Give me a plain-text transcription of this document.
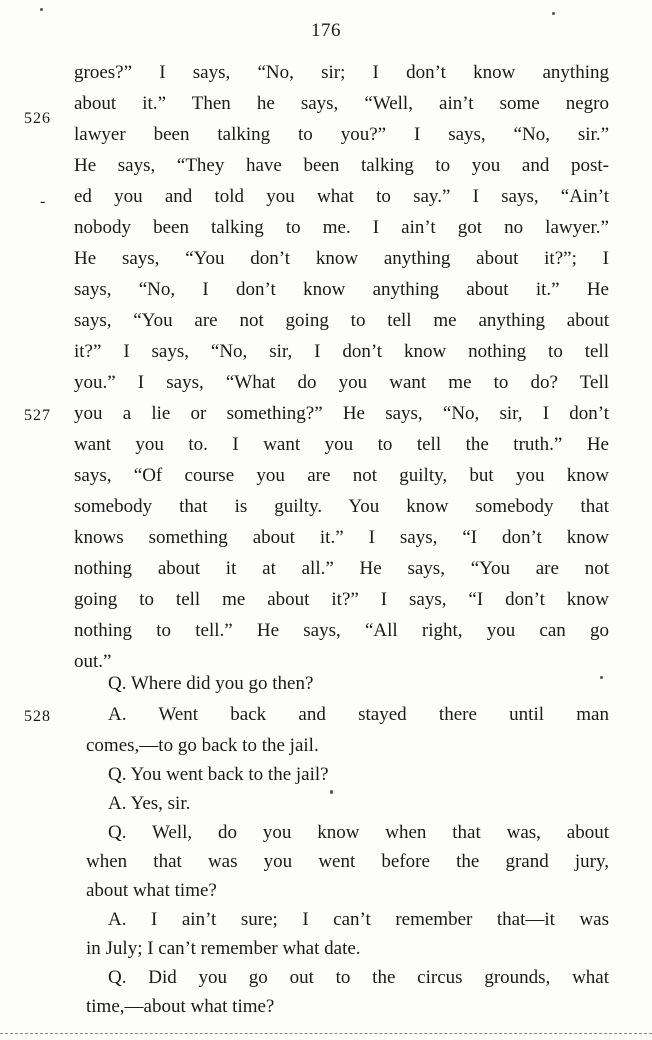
176
526
-
527
528
groes?” I says, “No, sir; I don’t know anything
about it.” Then he says, “Well, ain’t some negro
lawyer been talking to you?” I says, “No, sir.”
He says, “They have been talking to you and post-
ed you and told you what to say.” I says, “Ain’t
nobody been talking to me. I ain’t got no lawyer.”
He says, “You don’t know anything about it?”; I
says, “No, I don’t know anything about it.” He
says, “You are not going to tell me anything about
it?” I says, “No, sir, I don’t know nothing to tell
you.” I says, “What do you want me to do? Tell
you a lie or something?” He says, “No, sir, I don’t
want you to. I want you to tell the truth.” He
says, “Of course you are not guilty, but you know
somebody that is guilty. You know somebody that
knows something about it.” I says, “I don’t know
nothing about it at all.” He says, “You are not
going to tell me about it?” I says, “I don’t know
nothing to tell.” He says, “All right, you can go
out.”
Q. Where did you go then?
A. Went back and stayed there until man
comes,—to go back to the jail.
Q. You went back to the jail?
A. Yes, sir.
Q. Well, do you know when that was, about
when that was you went before the grand jury,
about what time?
A. I ain’t sure; I can’t remember that—it was
in July; I can’t remember what date.
Q. Did you go out to the circus grounds, what
time,—about what time?
